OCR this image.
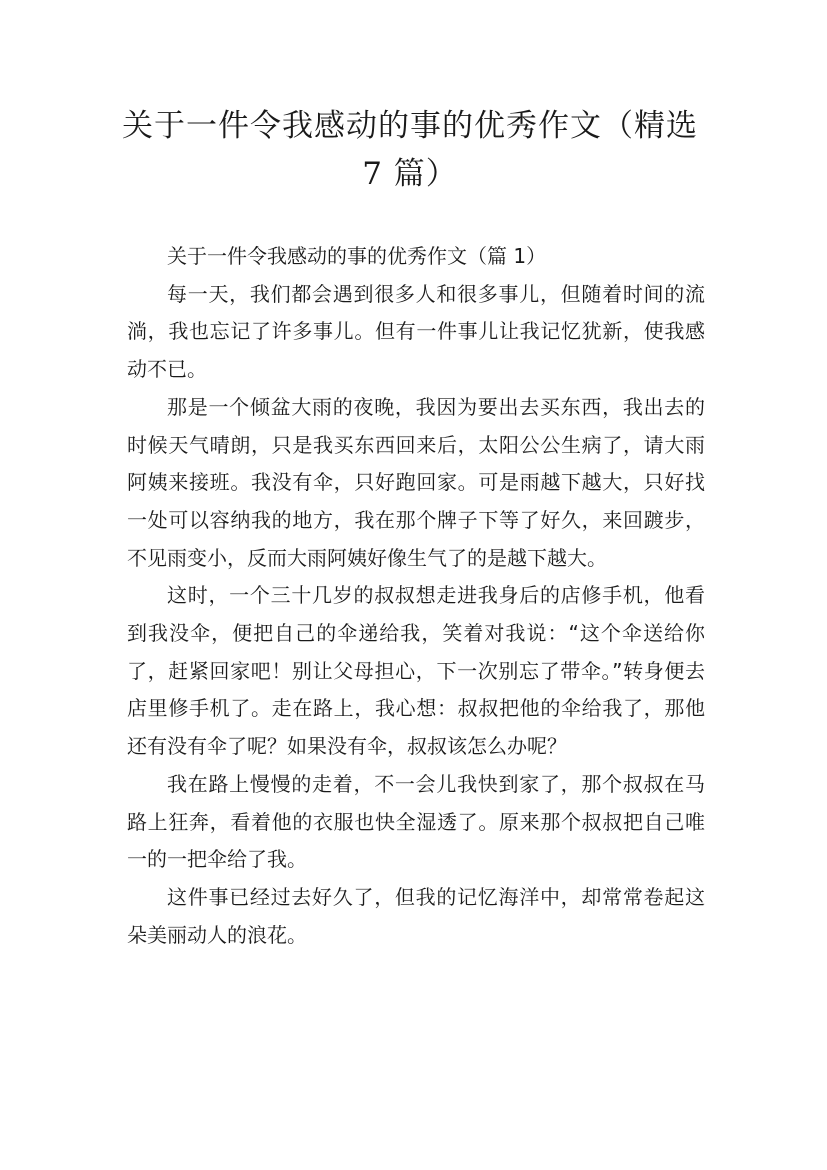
关于一件令我感动的事的优秀作文（精选 7 篇）

关于一件令我感动的事的优秀作文（篇 1）

每一天，我们都会遇到很多人和很多事儿，但随着时间的流淌，我也忘记了许多事儿。但有一件事儿让我记忆犹新，使我感动不已。

那是一个倾盆大雨的夜晚，我因为要出去买东西，我出去的时候天气晴朗，只是我买东西回来后，太阳公公生病了，请大雨阿姨来接班。我没有伞，只好跑回家。可是雨越下越大，只好找一处可以容纳我的地方，我在那个牌子下等了好久，来回踱步，不见雨变小，反而大雨阿姨好像生气了的是越下越大。

这时，一个三十几岁的叔叔想走进我身后的店修手机，他看到我没伞，便把自己的伞递给我，笑着对我说：“这个伞送给你了，赶紧回家吧！别让父母担心，下一次别忘了带伞。”转身便去店里修手机了。走在路上，我心想：叔叔把他的伞给我了，那他还有没有伞了呢？如果没有伞，叔叔该怎么办呢？

我在路上慢慢的走着，不一会儿我快到家了，那个叔叔在马路上狂奔，看着他的衣服也快全湿透了。原来那个叔叔把自己唯一的一把伞给了我。

这件事已经过去好久了，但我的记忆海洋中，却常常卷起这朵美丽动人的浪花。
